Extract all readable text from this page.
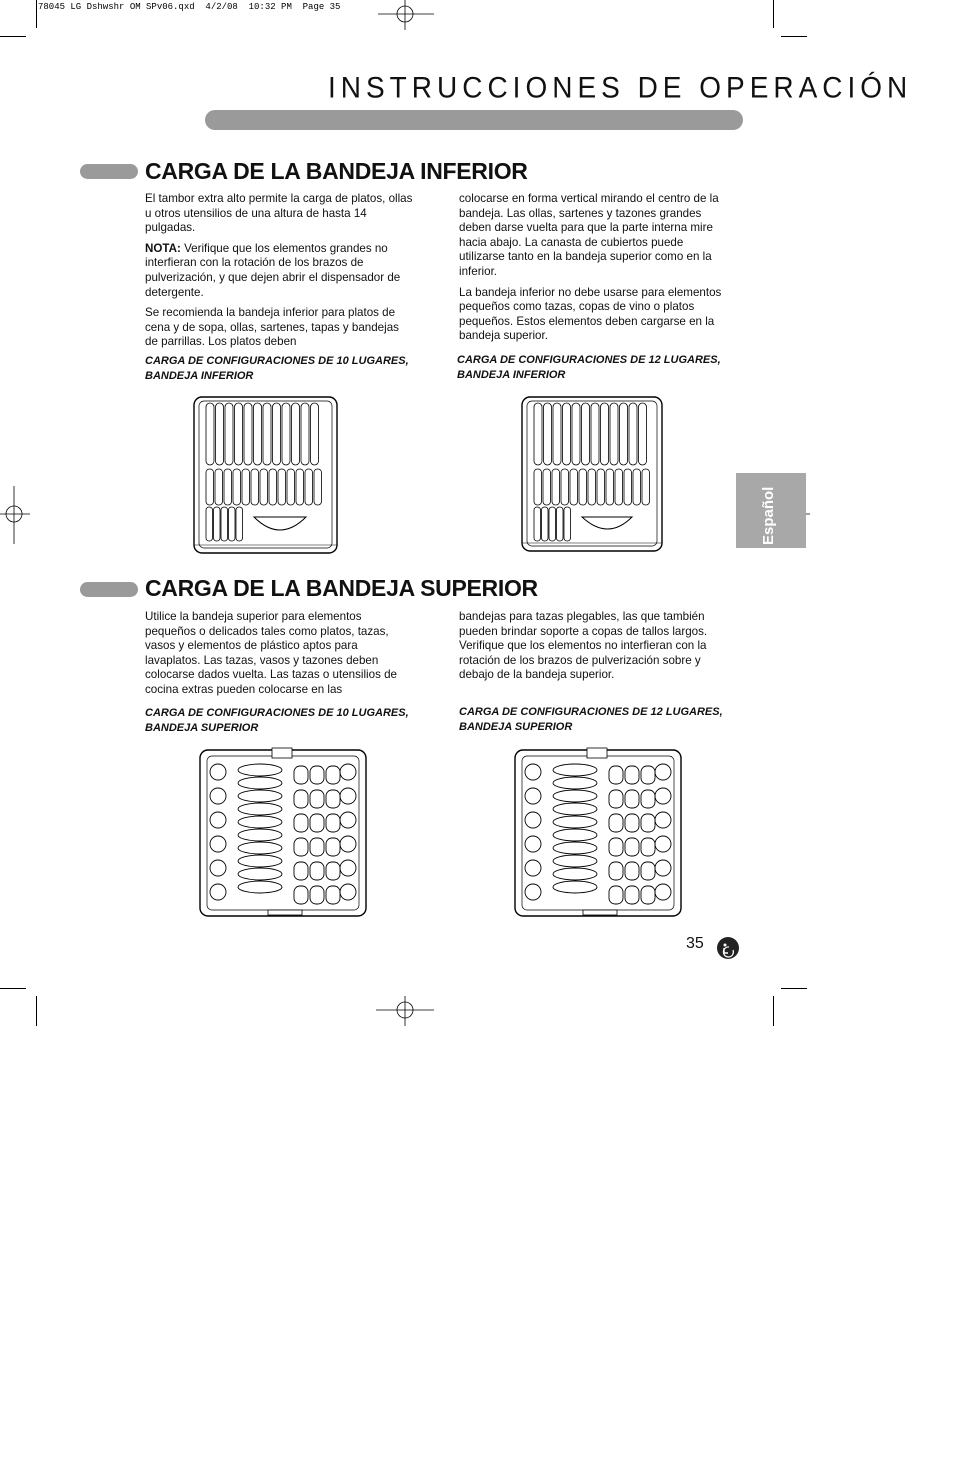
78045 LG Dshwshr OM SPv06.qxd  4/2/08  10:32 PM  Page 35
INSTRUCCIONES DE OPERACIÓN
CARGA DE LA BANDEJA INFERIOR

El tambor extra alto permite la carga de platos, ollas u otros utensilios de una altura de hasta 14 pulgadas.

NOTA: Verifique que los elementos grandes no interfieran con la rotación de los brazos de pulverización, y que dejen abrir el dispensador de detergente.

Se recomienda la bandeja inferior para platos de cena y de sopa, ollas, sartenes, tapas y bandejas de parrillas. Los platos deben

colocarse en forma vertical mirando el centro de la bandeja. Las ollas, sartenes y tazones grandes deben darse vuelta para que la parte interna mire hacia abajo. La canasta de cubiertos puede utilizarse tanto en la bandeja superior como en la inferior.

La bandeja inferior no debe usarse para elementos pequeños como tazas, copas de vino o platos pequeños. Estos elementos deben cargarse en la bandeja superior.

CARGA DE CONFIGURACIONES DE 10 LUGARES, BANDEJA INFERIOR
CARGA DE CONFIGURACIONES DE 12 LUGARES, BANDEJA INFERIOR
Español
CARGA DE LA BANDEJA SUPERIOR

Utilice la bandeja superior para elementos pequeños o delicados tales como platos, tazas, vasos y elementos de plástico aptos para lavaplatos. Las tazas, vasos y tazones deben colocarse dados vuelta. Las tazas o utensilios de cocina extras pueden colocarse en las

bandejas para tazas plegables, las que también pueden brindar soporte a copas de tallos largos. Verifique que los elementos no interfieran con la rotación de los brazos de pulverización sobre y debajo de la bandeja superior.

CARGA DE CONFIGURACIONES DE 10 LUGARES, BANDEJA SUPERIOR
CARGA DE CONFIGURACIONES DE 12 LUGARES, BANDEJA SUPERIOR
35
